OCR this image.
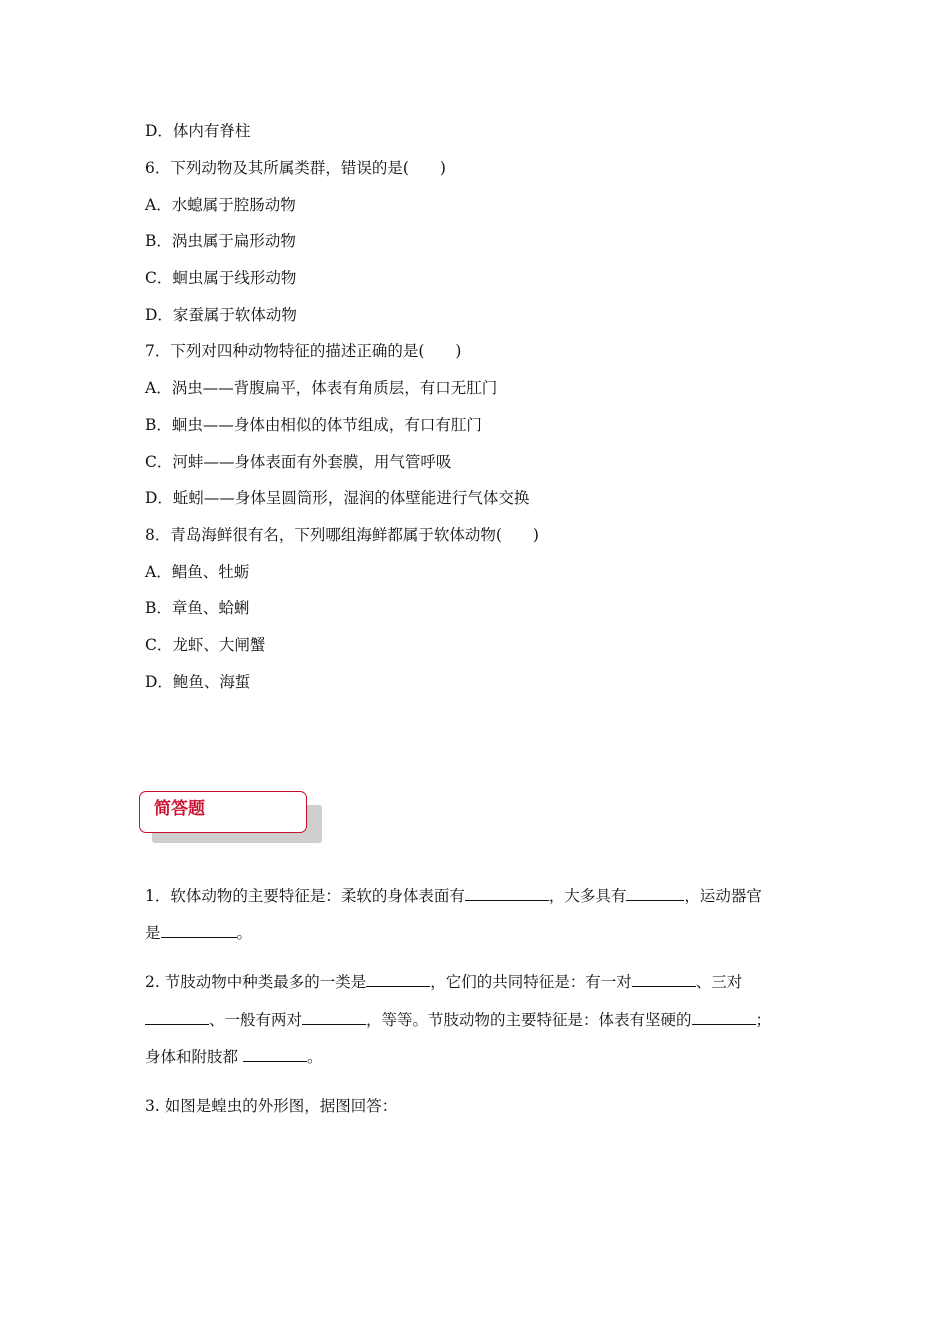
D．体内有脊柱
6．下列动物及其所属类群，错误的是(　　)
A．水螅属于腔肠动物
B．涡虫属于扁形动物
C．蛔虫属于线形动物
D．家蚕属于软体动物
7．下列对四种动物特征的描述正确的是(　　)
A．涡虫——背腹扁平，体表有角质层，有口无肛门
B．蛔虫——身体由相似的体节组成，有口有肛门
C．河蚌——身体表面有外套膜，用气管呼吸
D．蚯蚓——身体呈圆筒形，湿润的体壁能进行气体交换
8．青岛海鲜很有名，下列哪组海鲜都属于软体动物(　　)
A．鲳鱼、牡蛎
B．章鱼、蛤蜊
C．龙虾、大闸蟹
D．鲍鱼、海蜇
简答题
1．软体动物的主要特征是：柔软的身体表面有	，大多具有	，运动器官
是	。
2. 节肢动物中种类最多的一类是	，它们的共同特征是：有一对	、三对
、一般有两对	，等等。节肢动物的主要特征是：体表有坚硬的	；
身体和附肢都	。
3. 如图是蝗虫的外形图，据图回答：
